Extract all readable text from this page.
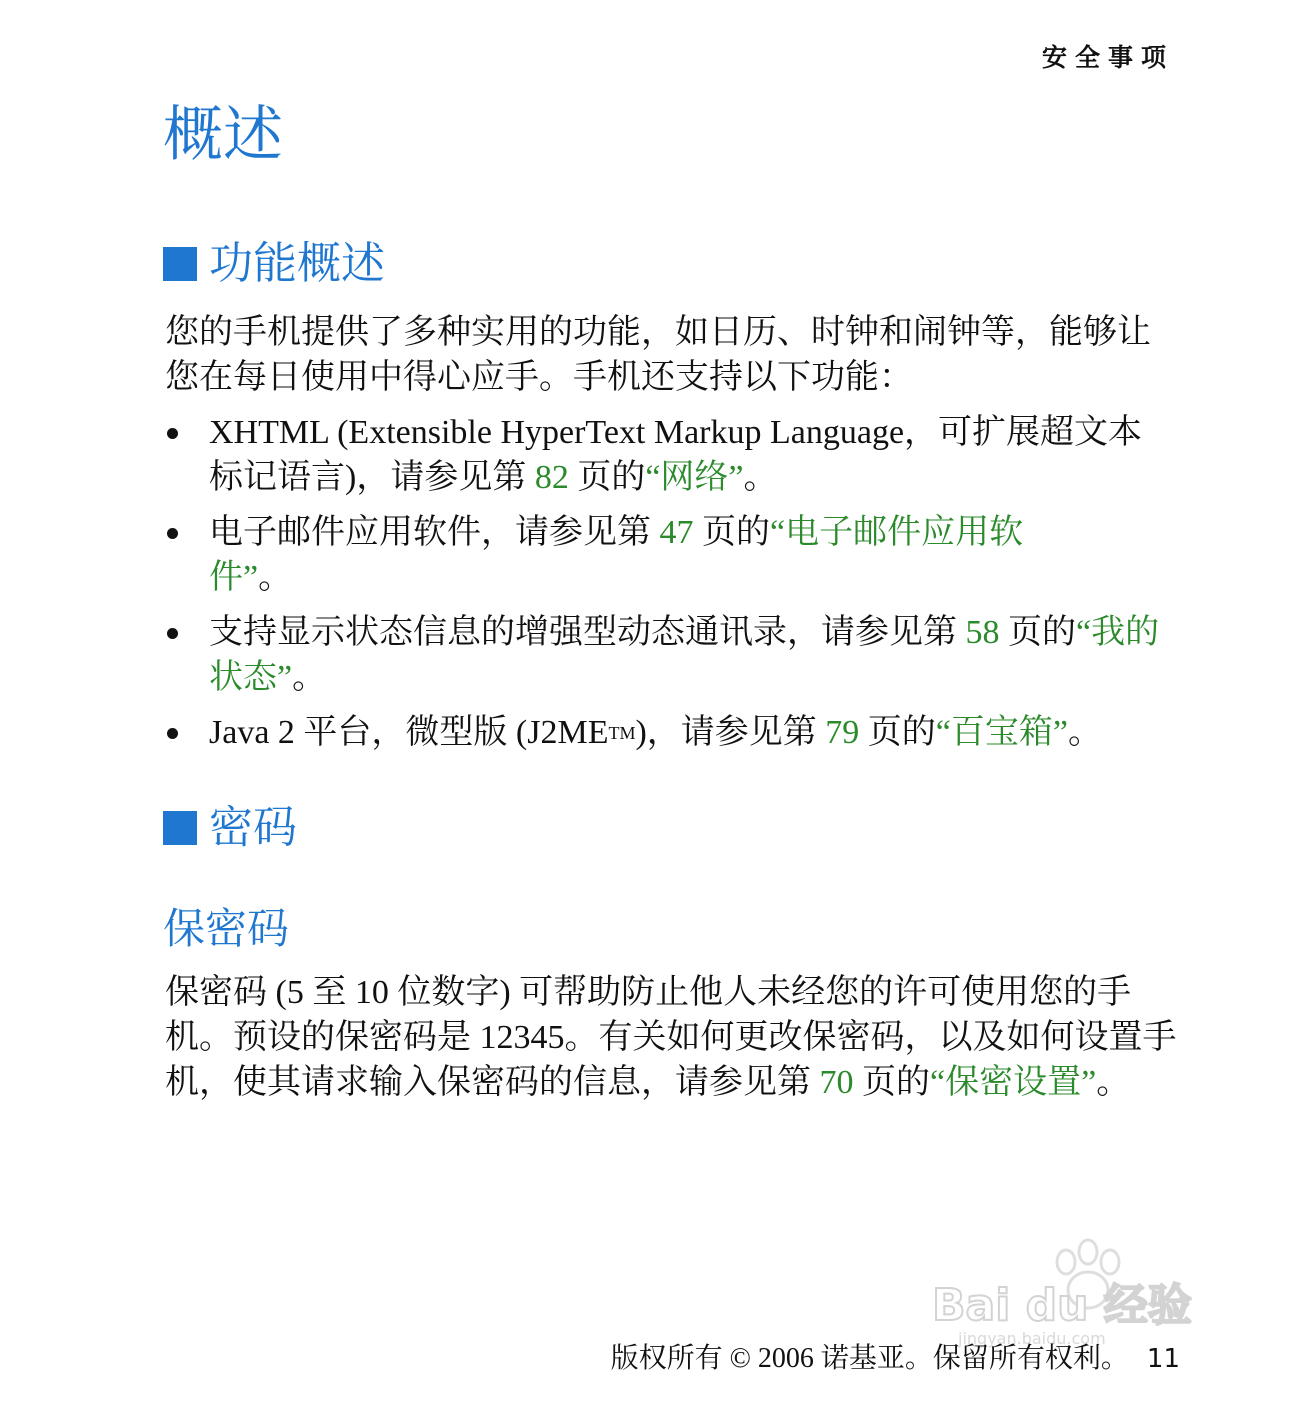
安全事项
概述
功能概述

您的手机提供了多种实用的功能，如日历、时钟和闹钟等，能够让您在每日使用中得心应手。手机还支持以下功能：

XHTML (Extensible HyperText Markup Language，可扩展超文本标记语言)，请参见第 82 页的“网络”。
电子邮件应用软件，请参见第 47 页的“电子邮件应用软件”。
支持显示状态信息的增强型动态通讯录，请参见第 58 页的“我的状态”。
Java 2 平台，微型版 (J2METM)，请参见第 79 页的“百宝箱”。
密码
保密码

保密码 (5 至 10 位数字) 可帮助防止他人未经您的许可使用您的手机。预设的保密码是 12345。有关如何更改保密码，以及如何设置手机，使其请求输入保密码的信息，请参见第 70 页的“保密设置”。

Bai du 经验
jingyan.baidu.com
版权所有 © 2006 诺基亚。保留所有权利。 11
